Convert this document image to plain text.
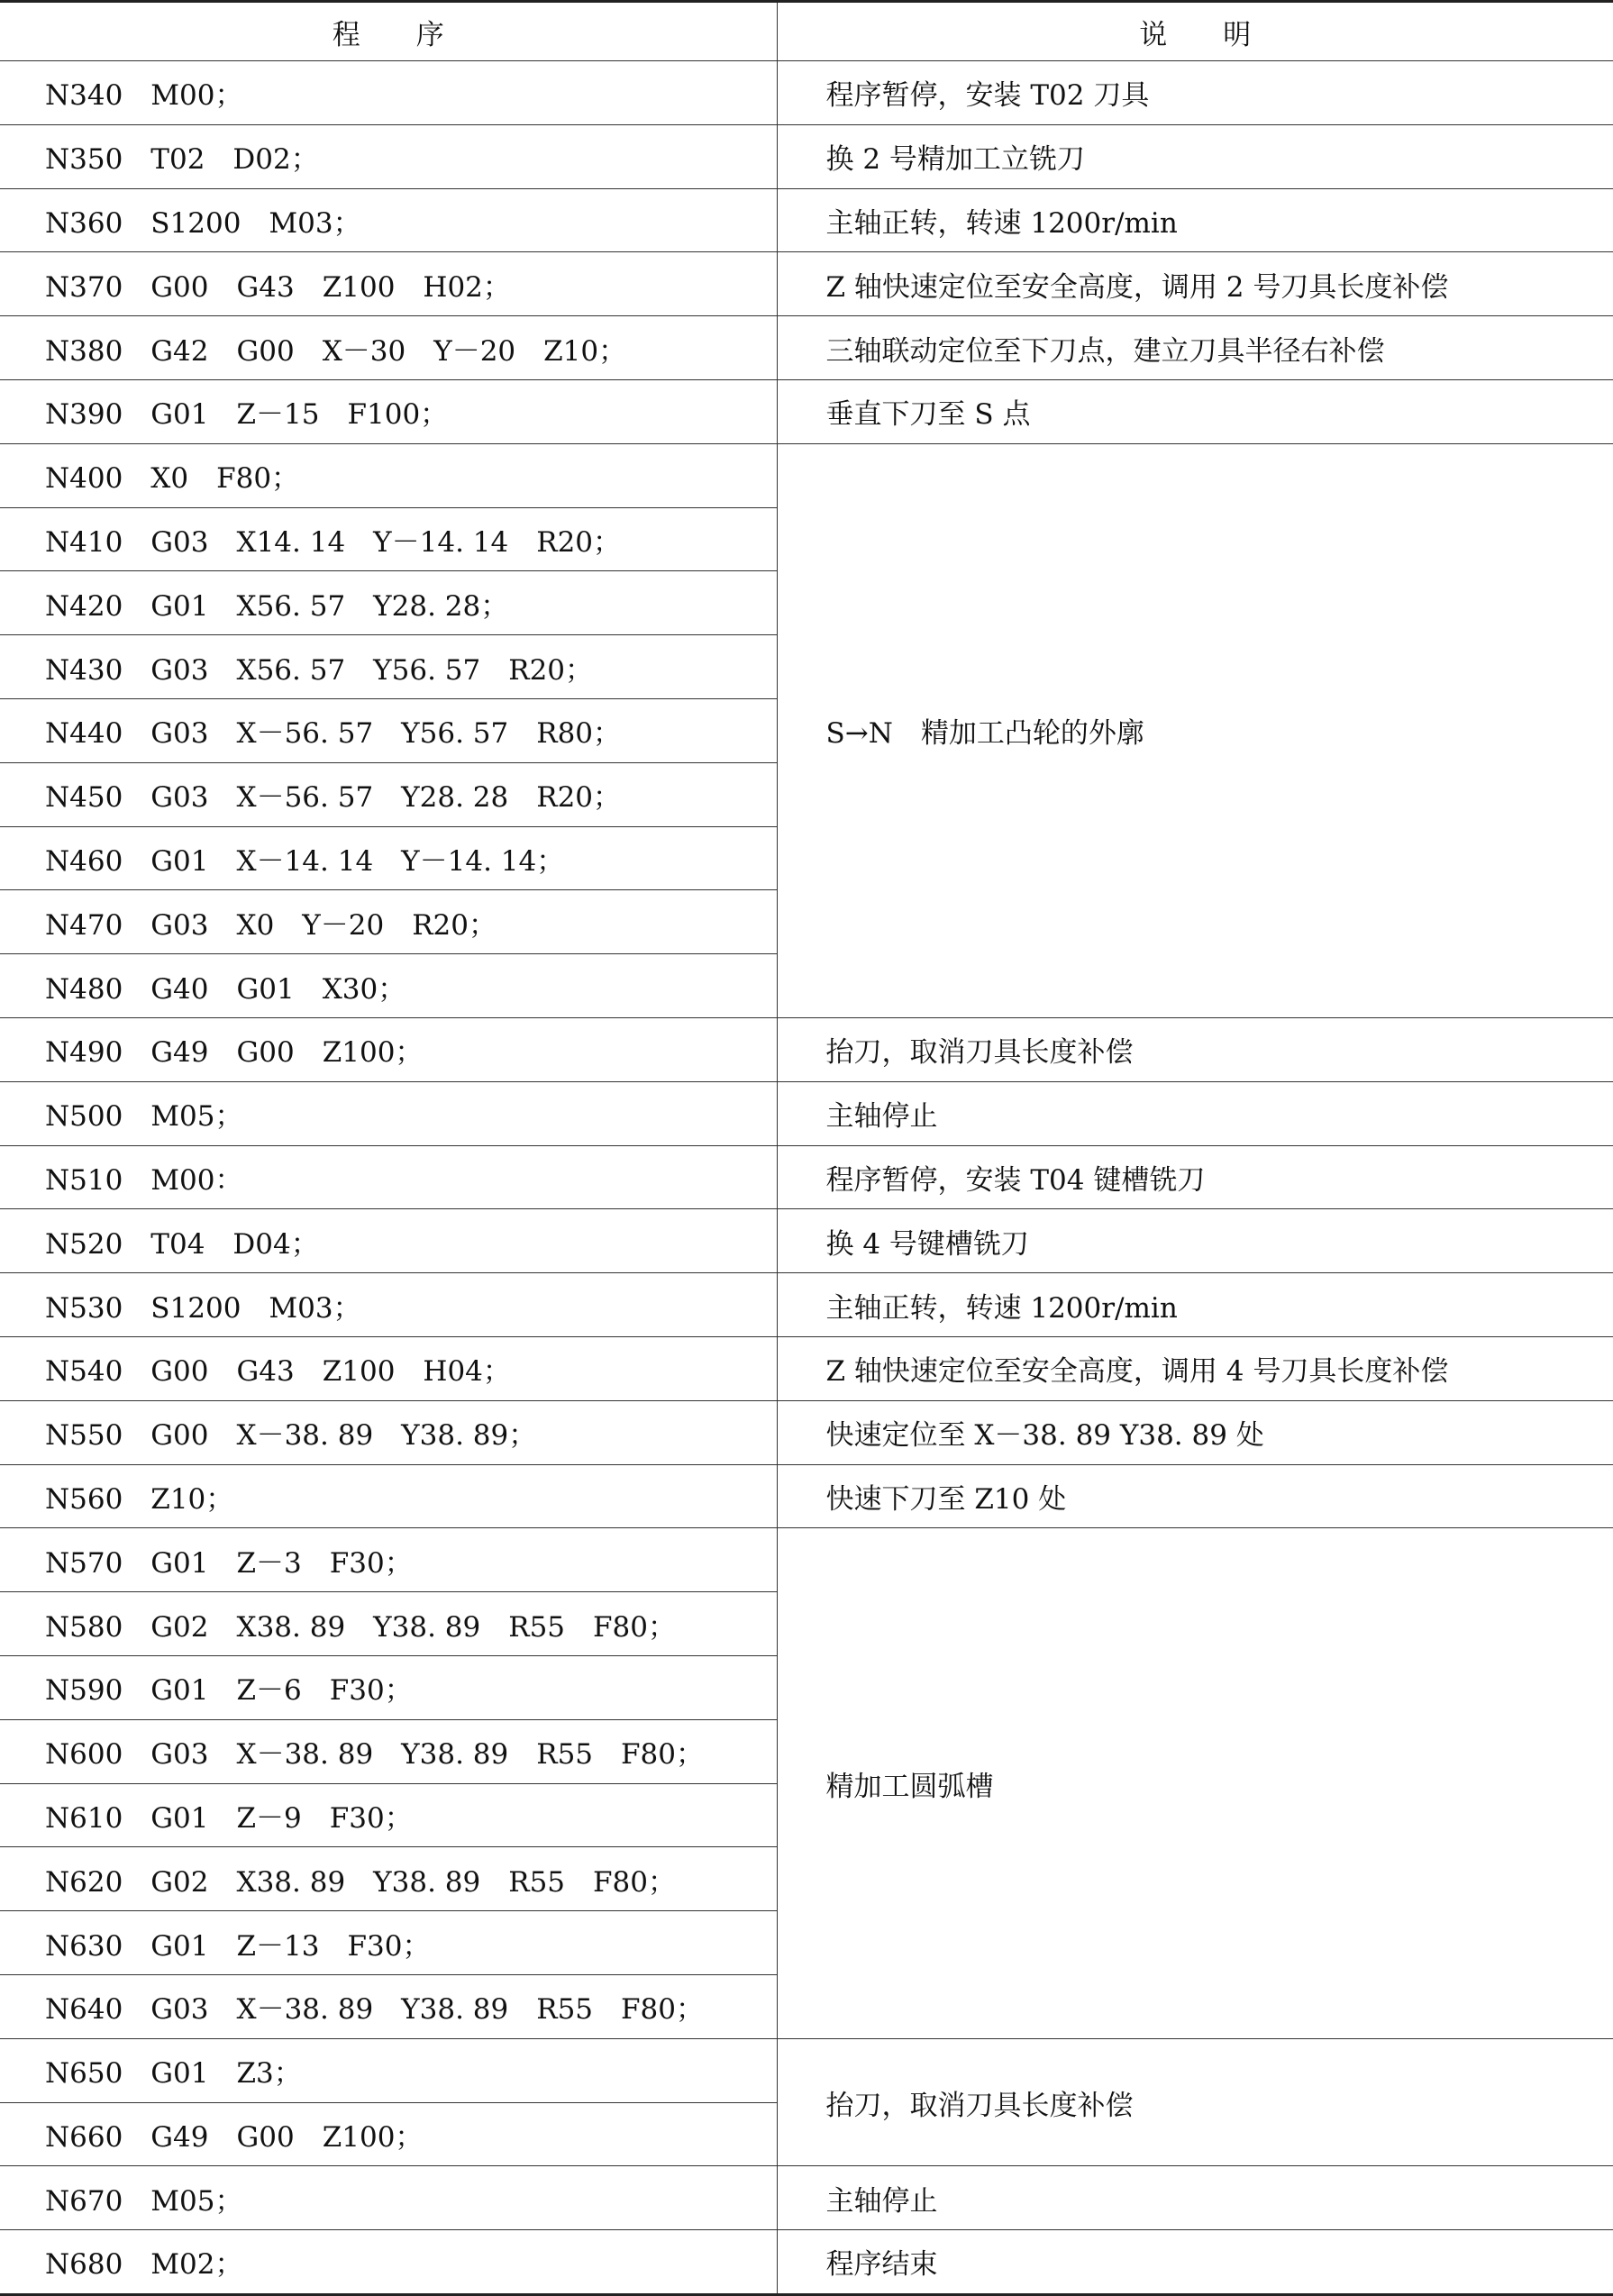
程　　序	说　　明
N340　M00；	程序暂停，安装 T02 刀具
N350　T02　D02；	换 2 号精加工立铣刀
N360　S1200　M03；	主轴正转，转速 1200r/min
N370　G00　G43　Z100　H02；	Z 轴快速定位至安全高度，调用 2 号刀具长度补偿
N380　G42　G00　X－30　Y－20　Z10；	三轴联动定位至下刀点，建立刀具半径右补偿
N390　G01　Z－15　F100；	垂直下刀至 S 点
N400　X0　F80；	S→N　精加工凸轮的外廓
N410　G03　X14. 14　Y－14. 14　R20；	
N420　G01　X56. 57　Y28. 28；	
N430　G03　X56. 57　Y56. 57　R20；	
N440　G03　X－56. 57　Y56. 57　R80；	
N450　G03　X－56. 57　Y28. 28　R20；	
N460　G01　X－14. 14　Y－14. 14；	
N470　G03　X0　Y－20　R20；	
N480　G40　G01　X30；	
N490　G49　G00　Z100；	抬刀，取消刀具长度补偿
N500　M05；	主轴停止
N510　M00：	程序暂停，安装 T04 键槽铣刀
N520　T04　D04；	换 4 号键槽铣刀
N530　S1200　M03；	主轴正转，转速 1200r/min
N540　G00　G43　Z100　H04；	Z 轴快速定位至安全高度，调用 4 号刀具长度补偿
N550　G00　X－38. 89　Y38. 89；	快速定位至 X－38. 89 Y38. 89 处
N560　Z10；	快速下刀至 Z10 处
N570　G01　Z－3　F30；	精加工圆弧槽
N580　G02　X38. 89　Y38. 89　R55　F80；	
N590　G01　Z－6　F30；	
N600　G03　X－38. 89　Y38. 89　R55　F80；	
N610　G01　Z－9　F30；	
N620　G02　X38. 89　Y38. 89　R55　F80；	
N630　G01　Z－13　F30；	
N640　G03　X－38. 89　Y38. 89　R55　F80；	
N650　G01　Z3；	抬刀，取消刀具长度补偿
N660　G49　G00　Z100；	
N670　M05；	主轴停止
N680　M02；	程序结束
